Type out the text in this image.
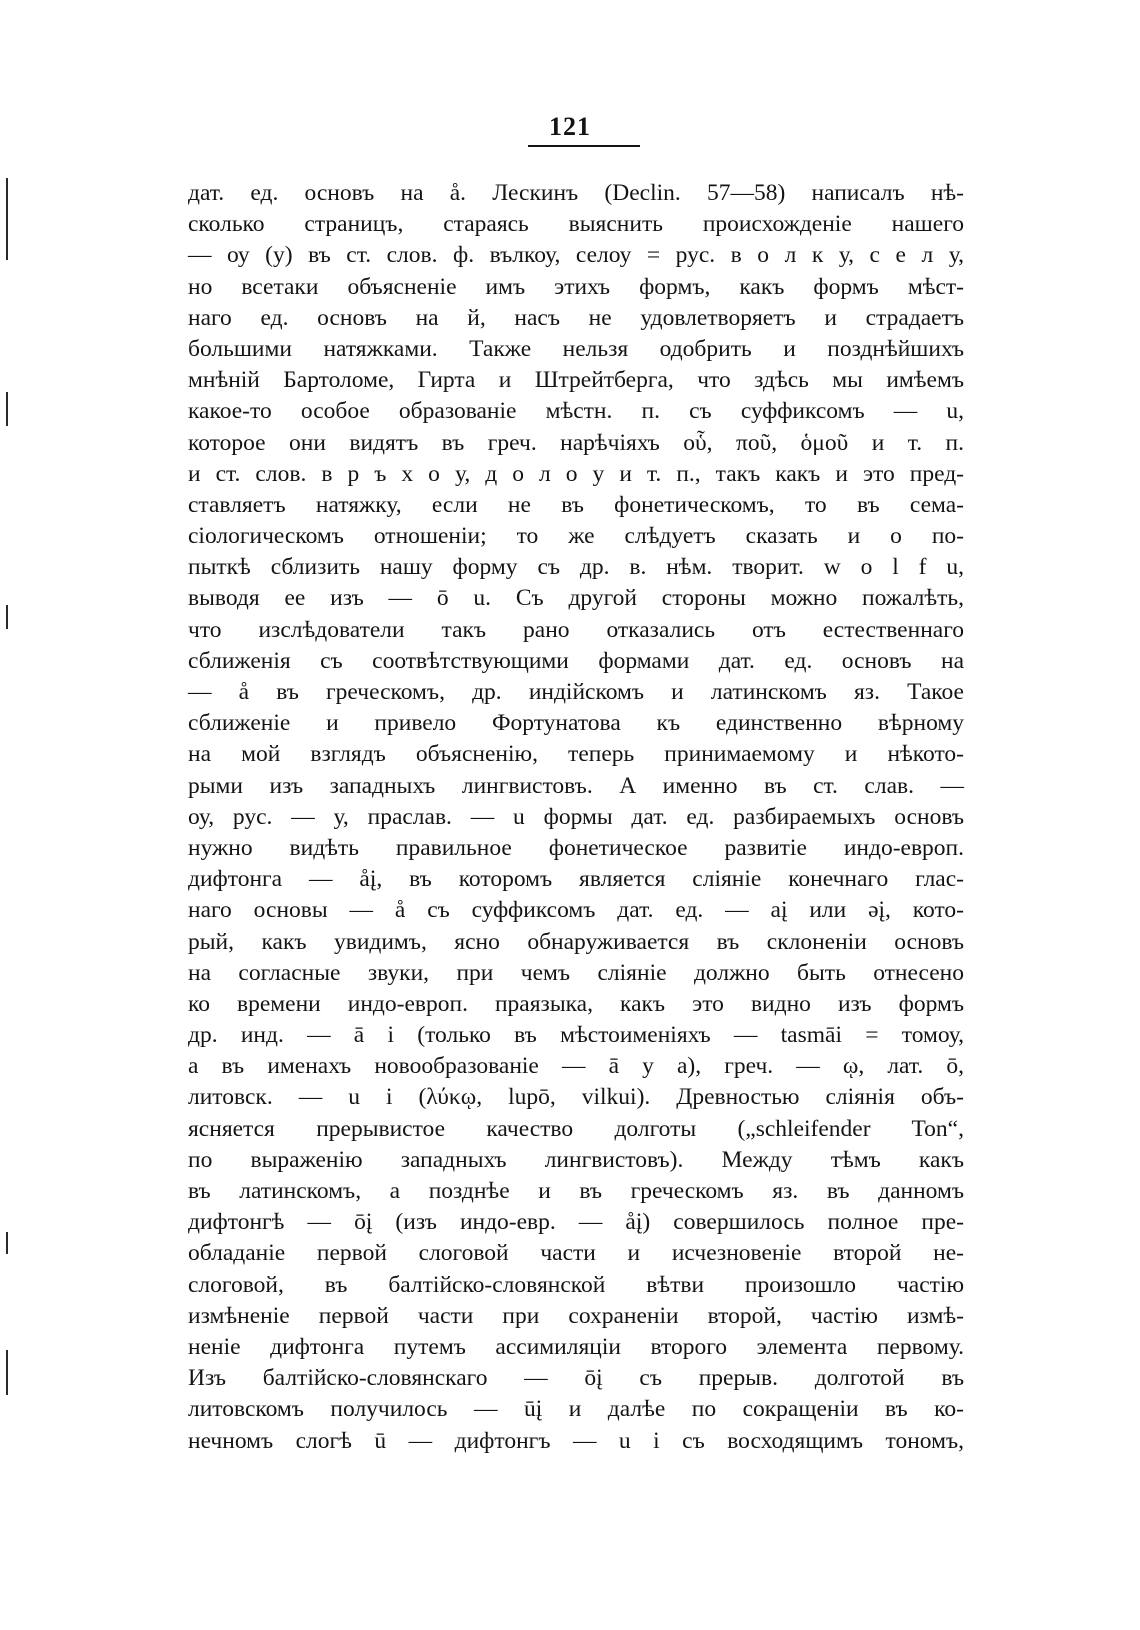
121
дат. ед. основъ на å. Лескинъ (Declin. 57—58) написалъ нѣ-
сколько страницъ, стараясь выяснить происхожденіе нашего
— оу (у) въ ст. слов. ф. вълкоу, селоу = рус. в о л к у, с е л у,
но всетаки объясненіе имъ этихъ формъ, какъ формъ мѣст-
наго ед. основъ на й, насъ не удовлетворяетъ и страдаетъ
большими натяжками. Также нельзя одобрить и позднѣйшихъ
мнѣній Бартоломе, Гирта и Штрейтберга, что здѣсь мы имѣемъ
какое-то особое образованіе мѣстн. п. съ суффиксомъ — u,
которое они видятъ въ греч. нарѣчіяхъ οὗ, ποῦ, ὁμοῦ и т. п.
и ст. слов. в р ъ х о у, д о л о у и т. п., такъ какъ и это пред-
ставляетъ натяжку, если не въ фонетическомъ, то въ сема-
сіологическомъ отношеніи; то же слѣдуетъ сказать и о по-
пыткѣ сблизить нашу форму съ др. в. нѣм. творит. w o l f u,
выводя ее изъ — ō u. Съ другой стороны можно пожалѣть,
что изслѣдователи такъ рано отказались отъ естественнаго
сближенія съ соотвѣтствующими формами дат. ед. основъ на
— å въ греческомъ, др. индійскомъ и латинскомъ яз. Такое
сближеніе и привело Фортунатова къ единственно вѣрному
на мой взглядъ объясненію, теперь принимаемому и нѣкото-
рыми изъ западныхъ лингвистовъ. А именно въ ст. слав. —
оу, рус. — у, праслав. — u формы дат. ед. разбираемыхъ основъ
нужно видѣть правильное фонетическое развитіе индо-европ.
дифтонга — åį, въ которомъ является сліяніе конечнаго глас-
наго основы — å съ суффиксомъ дат. ед. — aį или əį, кото-
рый, какъ увидимъ, ясно обнаруживается въ склоненіи основъ
на согласные звуки, при чемъ сліяніе должно быть отнесено
ко времени индо-европ. праязыка, какъ это видно изъ формъ
др. инд. — ā i (только въ мѣстоименіяхъ — tasmāi = томоу,
а въ именахъ новообразованіе — ā y a), греч. — ῳ, лат. ō,
литовск. — u i (λύκῳ, lupō, vilkui). Древностью сліянія объ-
ясняется прерывистое качество долготы („schleifender Ton“,
по выраженію западныхъ лингвистовъ). Между тѣмъ какъ
въ латинскомъ, а позднѣе и въ греческомъ яз. въ данномъ
дифтонгѣ — ōį (изъ индо-евр. — åį) совершилось полное пре-
обладаніе первой слоговой части и исчезновеніе второй не-
слоговой, въ балтійско-словянской вѣтви произошло частію
измѣненіе первой части при сохраненіи второй, частію измѣ-
неніе дифтонга путемъ ассимиляціи второго элемента первому.
Изъ балтійско-словянскаго — ōį съ прерыв. долготой въ
литовскомъ получилось — ūį и далѣе по сокращеніи въ ко-
нечномъ слогѣ ū — дифтонгъ — u i съ восходящимъ тономъ,
